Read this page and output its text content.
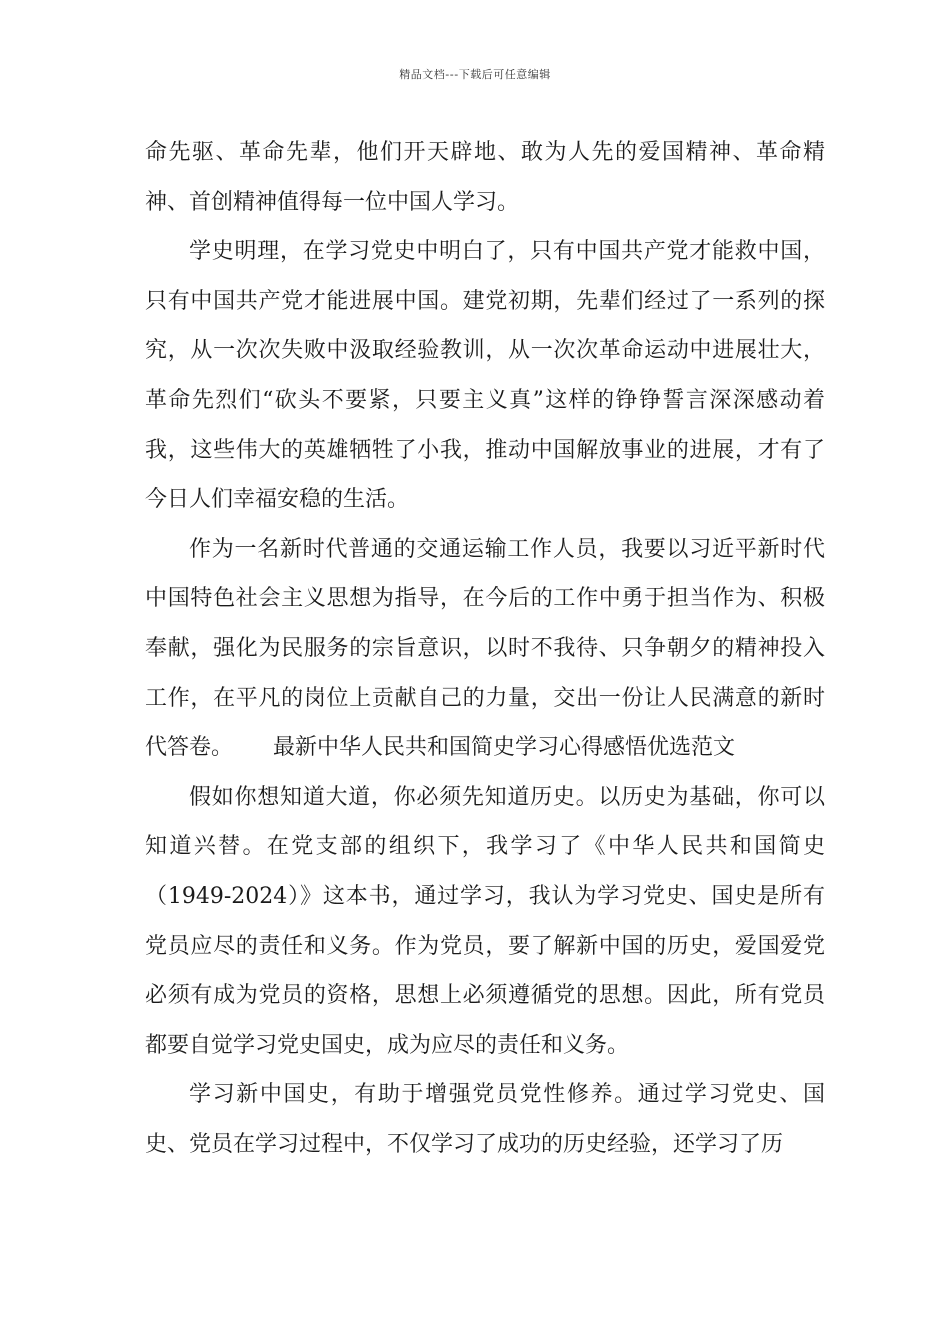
精品文档---下载后可任意编辑

命先驱、革命先辈，他们开天辟地、敢为人先的爱国精神、革命精神、首创精神值得每一位中国人学习。

学史明理，在学习党史中明白了，只有中国共产党才能救中国，只有中国共产党才能进展中国。建党初期，先辈们经过了一系列的探究，从一次次失败中汲取经验教训，从一次次革命运动中进展壮大，革命先烈们“砍头不要紧，只要主义真”这样的铮铮誓言深深感动着我，这些伟大的英雄牺牲了小我，推动中国解放事业的进展，才有了今日人们幸福安稳的生活。

作为一名新时代普通的交通运输工作人员，我要以习近平新时代中国特色社会主义思想为指导，在今后的工作中勇于担当作为、积极奉献，强化为民服务的宗旨意识，以时不我待、只争朝夕的精神投入工作，在平凡的岗位上贡献自己的力量，交出一份让人民满意的新时代答卷。 最新中华人民共和国简史学习心得感悟优选范文

假如你想知道大道，你必须先知道历史。以历史为基础，你可以知道兴替。在党支部的组织下，我学习了《中华人民共和国简史（1949-2024）》这本书，通过学习，我认为学习党史、国史是所有党员应尽的责任和义务。作为党员，要了解新中国的历史，爱国爱党必须有成为党员的资格，思想上必须遵循党的思想。因此，所有党员都要自觉学习党史国史，成为应尽的责任和义务。

学习新中国史，有助于增强党员党性修养。通过学习党史、国史、党员在学习过程中，不仅学习了成功的历史经验，还学习了历
